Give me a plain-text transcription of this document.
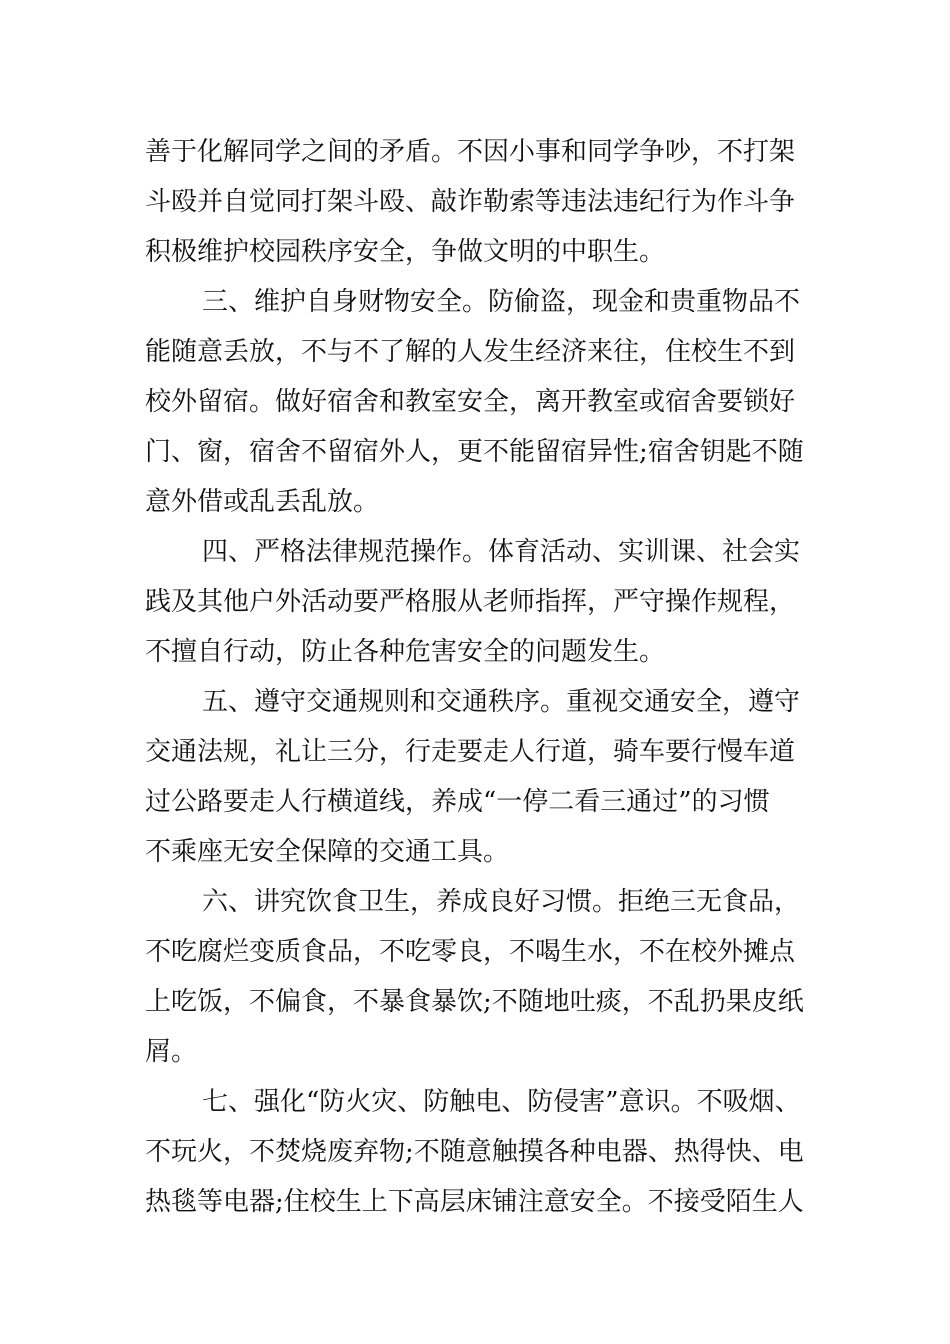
善于化解同学之间的矛盾。不因小事和同学争吵，不打架
斗殴并自觉同打架斗殴、敲诈勒索等违法违纪行为作斗争
积极维护校园秩序安全，争做文明的中职生。
三、维护自身财物安全。防偷盗，现金和贵重物品不
能随意丢放，不与不了解的人发生经济来往，住校生不到
校外留宿。做好宿舍和教室安全，离开教室或宿舍要锁好
门、窗，宿舍不留宿外人，更不能留宿异性;宿舍钥匙不随
意外借或乱丢乱放。
四、严格法律规范操作。体育活动、实训课、社会实
践及其他户外活动要严格服从老师指挥，严守操作规程，
不擅自行动，防止各种危害安全的问题发生。
五、遵守交通规则和交通秩序。重视交通安全，遵守
交通法规，礼让三分，行走要走人行道，骑车要行慢车道
过公路要走人行横道线，养成“一停二看三通过”的习惯
不乘座无安全保障的交通工具。
六、讲究饮食卫生，养成良好习惯。拒绝三无食品，
不吃腐烂变质食品，不吃零良，不喝生水，不在校外摊点
上吃饭，不偏食，不暴食暴饮;不随地吐痰，不乱扔果皮纸
屑。
七、强化“防火灾、防触电、防侵害”意识。不吸烟、
不玩火，不焚烧废弃物;不随意触摸各种电器、热得快、电
热毯等电器;住校生上下高层床铺注意安全。不接受陌生人
